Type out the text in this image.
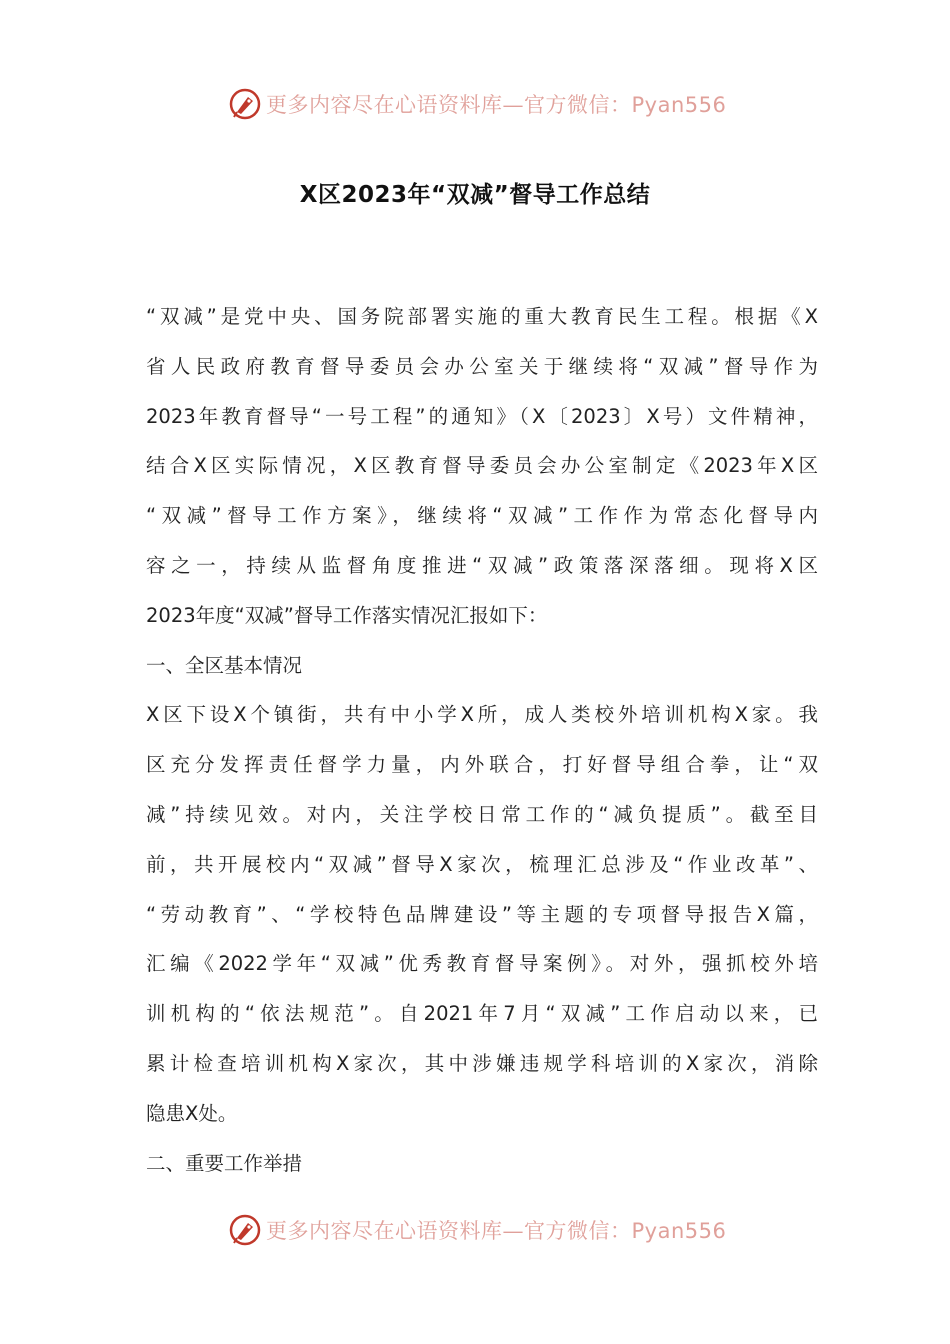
更多内容尽在心语资料库—官方微信：Pyan556
X区2023年“双减”督导工作总结
“双减”是党中央、国务院部署实施的重大教育民生工程。根据《X
省人民政府教育督导委员会办公室关于继续将“双减”督导作为
2023年教育督导“一号工程”的通知》（X〔2023〕X号）文件精神，
结合X区实际情况，X区教育督导委员会办公室制定《2023年X区
“双减”督导工作方案》，继续将“双减”工作作为常态化督导内
容之一，持续从监督角度推进“双减”政策落深落细。现将X区
2023年度“双减”督导工作落实情况汇报如下：
一、全区基本情况
X区下设X个镇街，共有中小学X所，成人类校外培训机构X家。我
区充分发挥责任督学力量，内外联合，打好督导组合拳，让“双
减”持续见效。对内，关注学校日常工作的“减负提质”。截至目
前，共开展校内“双减”督导X家次，梳理汇总涉及“作业改革”、
“劳动教育”、“学校特色品牌建设”等主题的专项督导报告X篇，
汇编《2022学年“双减”优秀教育督导案例》。对外，强抓校外培
训机构的“依法规范”。自2021年7月“双减”工作启动以来，已
累计检查培训机构X家次，其中涉嫌违规学科培训的X家次，消除
隐患X处。
二、重要工作举措
更多内容尽在心语资料库—官方微信：Pyan556
